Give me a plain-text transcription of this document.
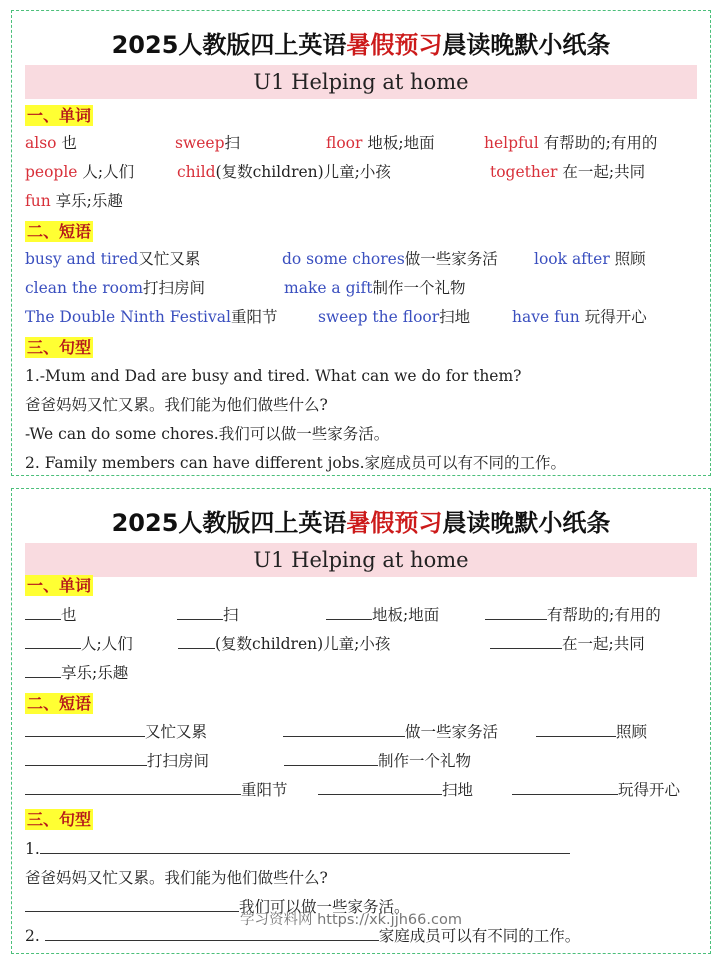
2025人教版四上英语暑假预习晨读晚默小纸条
U1 Helping at home
一、单词
also 也	sweep扫	floor 地板;地面	helpful 有帮助的;有用的
people 人;人们	child(复数children)儿童;小孩	together 在一起;共同
fun 享乐;乐趣
二、短语
busy and tired又忙又累	do some chores做一些家务活 look after 照顾
clean the room打扫房间	make a gift制作一个礼物
The Double Ninth Festival重阳节	sweep the floor扫地	have fun 玩得开心
三、句型
1.-Mum and Dad are busy and tired. What can we do for them?
爸爸妈妈又忙又累。我们能为他们做些什么?
-We can do some chores.我们可以做一些家务活。
2. Family members can have different jobs.家庭成员可以有不同的工作。
2025人教版四上英语暑假预习晨读晚默小纸条
U1 Helping at home
一、单词
也	扫	地板;地面	有帮助的;有用的
人;人们	(复数children)儿童;小孩	在一起;共同
享乐;乐趣
二、短语
又忙又累	做一些家务活	照顾
打扫房间	制作一个礼物
重阳节	扫地	玩得开心
三、句型
1.
爸爸妈妈又忙又累。我们能为他们做些什么?
我们可以做一些家务活。
2.	家庭成员可以有不同的工作。
学习资料网 https://xk.jjh66.com
